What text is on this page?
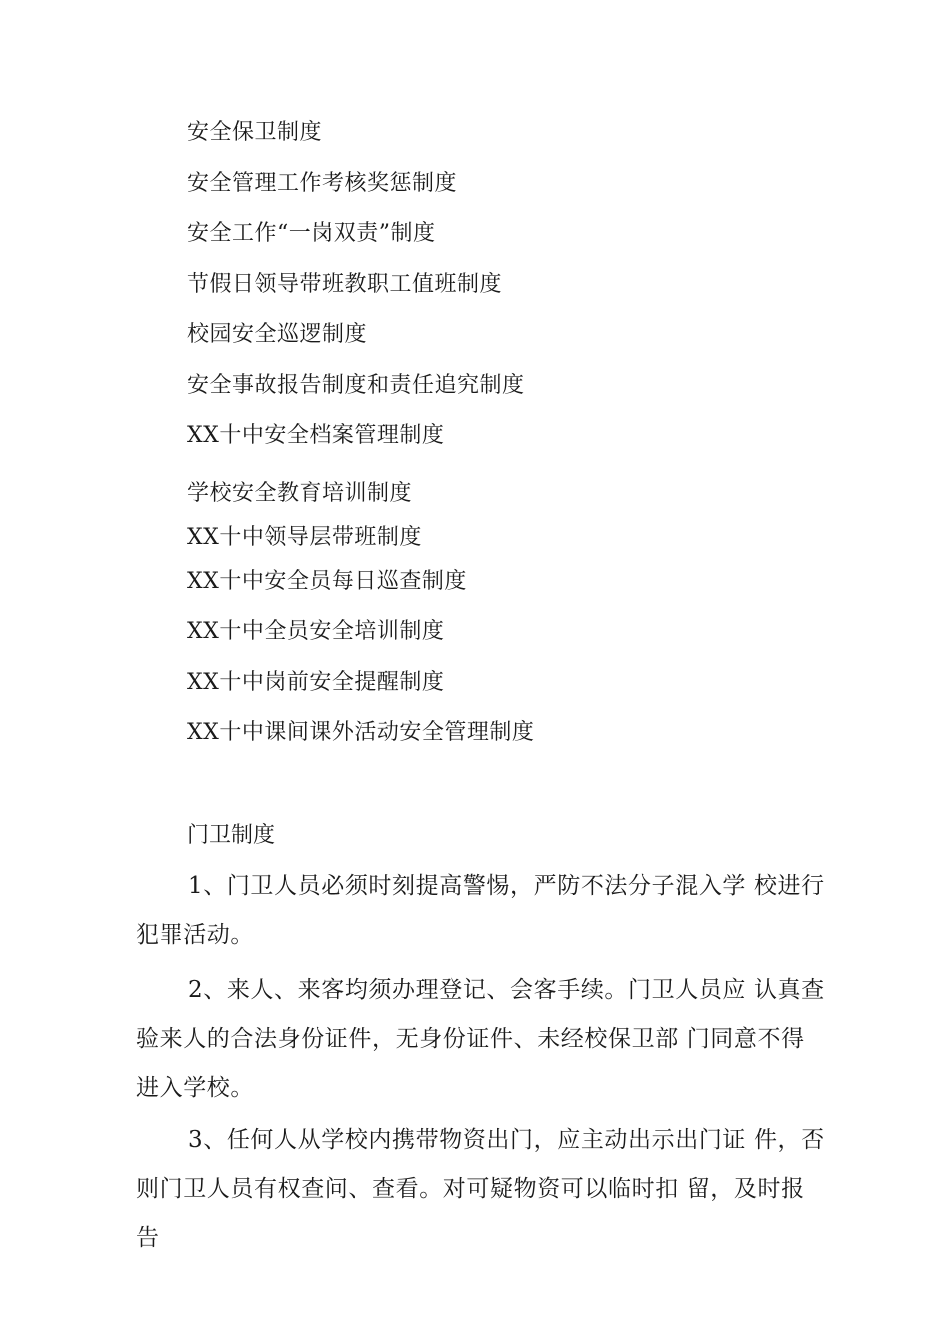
安全保卫制度
安全管理工作考核奖惩制度
安全工作“一岗双责”制度
节假日领导带班教职工值班制度
校园安全巡逻制度
安全事故报告制度和责任追究制度
XX十中安全档案管理制度
学校安全教育培训制度
XX十中领导层带班制度
XX十中安全员每日巡查制度
XX十中全员安全培训制度
XX十中岗前安全提醒制度
XX十中课间课外活动安全管理制度
门卫制度

1、门卫人员必须时刻提高警惕，严防不法分子混入学 校进行犯罪活动。

2、来人、来客均须办理登记、会客手续。门卫人员应 认真查验来人的合法身份证件，无身份证件、未经校保卫部 门同意不得进入学校。

3、任何人从学校内携带物资出门，应主动出示出门证 件，否则门卫人员有权查问、查看。对可疑物资可以临时扣 留，及时报告
